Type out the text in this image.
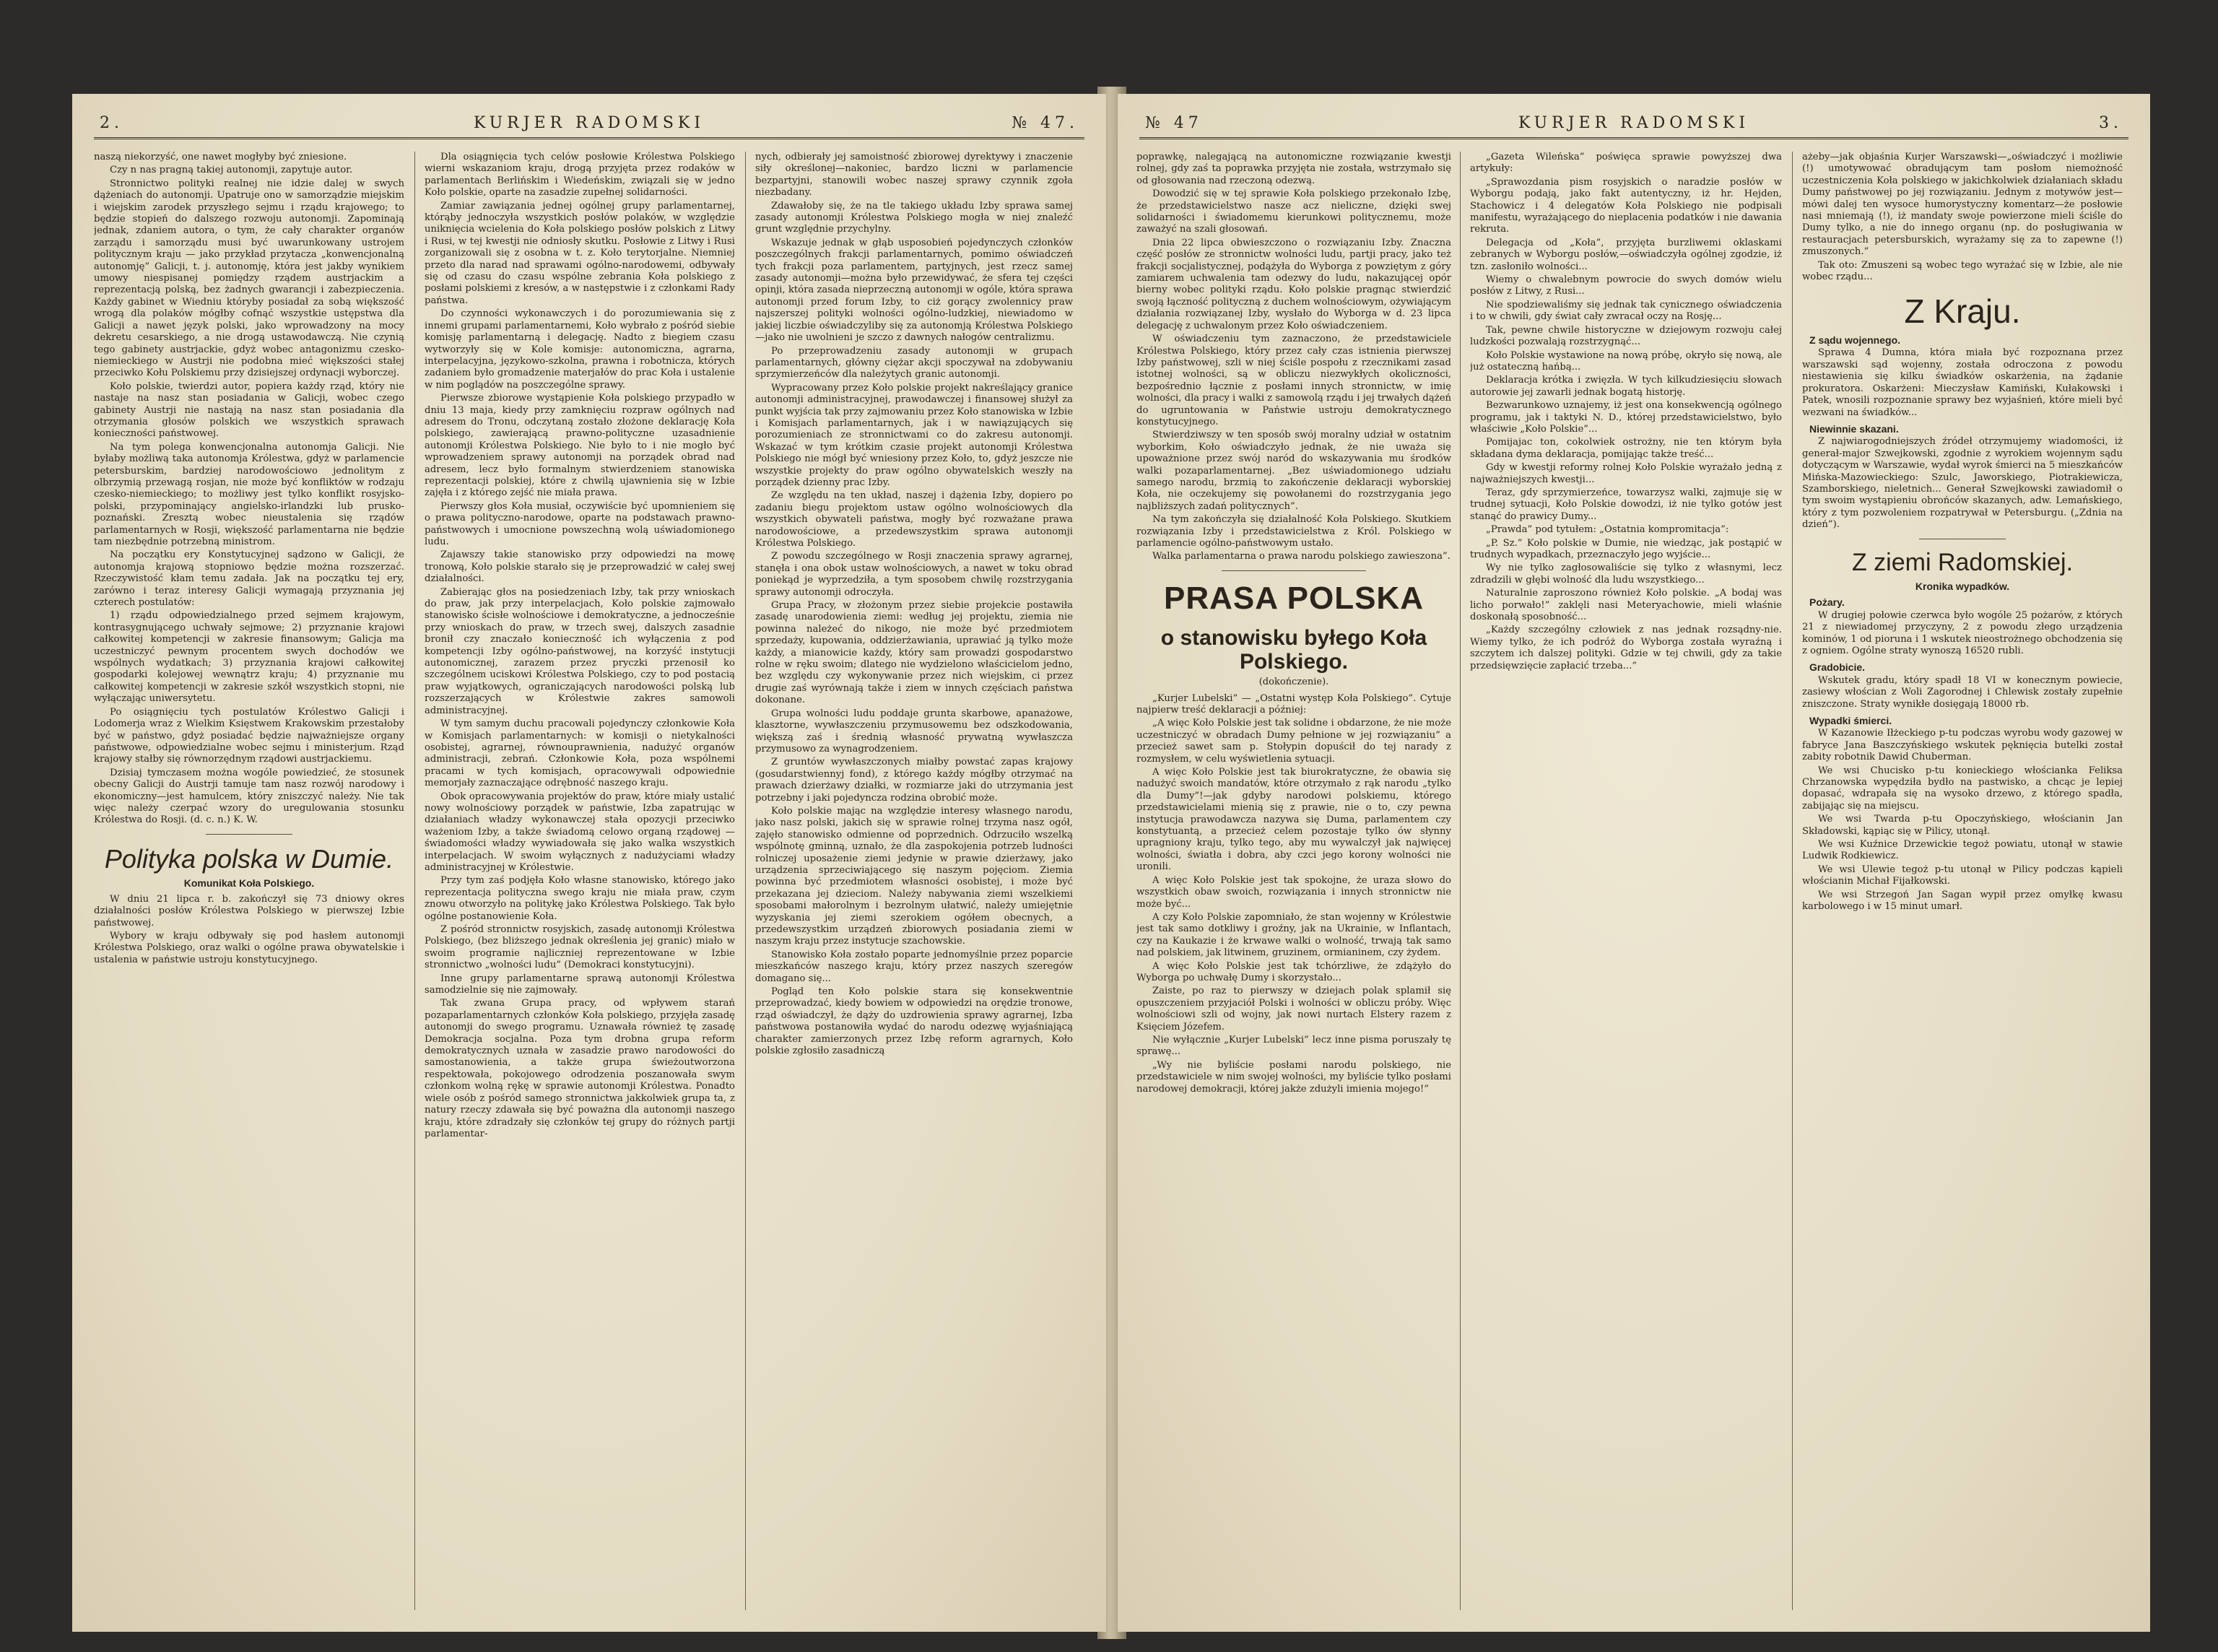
2.	KURJER RADOMSKI	№ 47.

naszą niekorzyść, one nawet mogłyby być zniesione.

Czy n nas pragną takiej autonomji, zapytuje autor.

Stronnictwo polityki realnej nie idzie dalej w swych dążeniach do autonomji. Upatruje ono w samorządzie miejskim i wiejskim zarodek przyszłego sejmu i rządu krajowego; to będzie stopień do dalszego rozwoju autonomji. Zapominają jednak, zdaniem autora, o tym, że cały charakter organów zarządu i samorządu musi być uwarunkowany ustrojem politycznym kraju — jako przykład przytacza „konwencjonalną autonomję” Galicji, t. j. autonomję, która jest jakby wynikiem umowy niespisanej pomiędzy rządem austrjackim a reprezentacją polską, bez żadnych gwarancji i zabezpieczenia. Każdy gabinet w Wiedniu któryby posiadał za sobą większość wrogą dla polaków mógłby cofnąć wszystkie ustępstwa dla Galicji a nawet język polski, jako wprowadzony na mocy dekretu cesarskiego, a nie drogą ustawodawczą. Nie czynią tego gabinety austrjackie, gdyż wobec antagonizmu czesko-niemieckiego w Austrji nie podobna mieć większości stałej przeciwko Kołu Polskiemu przy dzisiejszej ordynacji wyborczej.

Koło polskie, twierdzi autor, popiera każdy rząd, który nie nastaje na nasz stan posiadania w Galicji, wobec czego gabinety Austrji nie nastają na nasz stan posiadania dla otrzymania głosów polskich we wszystkich sprawach konieczności państwowej.

Na tym polega konwencjonalna autonomja Galicji. Nie byłaby możliwą taka autonomja Królestwa, gdyż w parlamencie petersburskim, bardziej narodowościowo jednolitym z olbrzymią przewagą rosjan, nie może być konfliktów w rodzaju czesko-niemieckiego; to możliwy jest tylko konflikt rosyjsko-polski, przypominający angielsko-irlandzki lub prusko-poznański. Zresztą wobec nieustalenia się rządów parlamentarnych w Rosji, większość parlamentarna nie będzie tam niezbędnie potrzebną ministrom.

Na początku ery Konstytucyjnej sądzono w Galicji, że autonomja krajową stopniowo będzie można rozszerzać. Rzeczywistość kłam temu zadała. Jak na początku tej ery, zarówno i teraz interesy Galicji wymagają przyznania jej czterech postulatów:

1) rządu odpowiedzialnego przed sejmem krajowym, kontrasygnującego uchwały sejmowe; 2) przyznanie krajowi całkowitej kompetencji w zakresie finansowym; Galicja ma uczestniczyć pewnym procentem swych dochodów we wspólnych wydatkach; 3) przyznania krajowi całkowitej gospodarki kolejowej wewnątrz kraju; 4) przyznanie mu całkowitej kompetencji w zakresie szkół wszystkich stopni, nie wyłączając uniwersytetu.

Po osiągnięciu tych postulatów Królestwo Galicji i Lodomerja wraz z Wielkim Księstwem Krakowskim przestałoby być w państwo, gdyż posiadać będzie najważniejsze organy państwowe, odpowiedzialne wobec sejmu i ministerjum. Rząd krajowy stałby się równorzędnym rządowi austrjackiemu.

Dzisiaj tymczasem można wogóle powiedzieć, że stosunek obecny Galicji do Austrji tamuje tam nasz rozwój narodowy i ekonomiczny—jest hamulcem, który zniszczyć należy. Nie tak więc należy czerpać wzory do uregulowania stosunku Królestwa do Rosji. (d. c. n.) K. W.

Polityka polska w Dumie.
Komunikat Koła Polskiego.

W dniu 21 lipca r. b. zakończył się 73 dniowy okres działalności posłów Królestwa Polskiego w pierwszej Izbie państwowej.

Wybory w kraju odbywały się pod hasłem autonomji Królestwa Polskiego, oraz walki o ogólne prawa obywatelskie i ustalenia w państwie ustroju konstytucyjnego.

Dla osiągnięcia tych celów posłowie Królestwa Polskiego wierni wskazaniom kraju, drogą przyjęta przez rodaków w parlamentach Berlińskim i Wiedeńskim, związali się w jedno Koło polskie, oparte na zasadzie zupełnej solidarności.

Zamiar zawiązania jednej ogólnej grupy parlamentarnej, którąby jednoczyła wszystkich posłów polaków, w względzie uniknięcia wcielenia do Koła polskiego posłów polskich z Litwy i Rusi, w tej kwestji nie odniosły skutku. Posłowie z Litwy i Rusi zorganizowali się z osobna w t. z. Koło terytorjalne. Niemniej przeto dla narad nad sprawami ogólno-narodowemi, odbywały się od czasu do czasu wspólne zebrania Koła polskiego z posłami polskiemi z kresów, a w następstwie i z członkami Rady państwa.

Do czynności wykonawczych i do porozumiewania się z innemi grupami parlamentarnemi, Koło wybrało z pośród siebie komisję parlamentarną i delegację. Nadto z biegiem czasu wytworzyły się w Kole komisje: autonomiczna, agrarna, interpelacyjna, językowo-szkolna, prawna i robotnicza, których zadaniem było gromadzenie materjałów do prac Koła i ustalenie w nim poglądów na poszczególne sprawy.

Pierwsze zbiorowe wystąpienie Koła polskiego przypadło w dniu 13 maja, kiedy przy zamknięciu rozpraw ogólnych nad adresem do Tronu, odczytaną zostało złożone deklarację Koła polskiego, zawierającą prawno-polityczne uzasadnienie autonomji Królestwa Polskiego. Nie było to i nie mogło być wprowadzeniem sprawy autonomji na porządek obrad nad adresem, lecz było formalnym stwierdzeniem stanowiska reprezentacji polskiej, które z chwilą ujawnienia się w Izbie zajęła i z którego zejść nie miała prawa.

Pierwszy głos Koła musiał, oczywiście być upomnieniem się o prawa polityczno-narodowe, oparte na podstawach prawno-państwowych i umocnione powszechną wolą uświadomionego ludu.

Zajawszy takie stanowisko przy odpowiedzi na mowę tronową, Koło polskie starało się je przeprowadzić w całej swej działalności.

Zabierając głos na posiedzeniach Izby, tak przy wnioskach do praw, jak przy interpelacjach, Koło polskie zajmowało stanowisko ścisłe wolnościowe i demokratyczne, a jednocześnie przy wnioskach do praw, w trzech swej, dalszych zasadnie bronił czy znaczało konieczność ich wyłączenia z pod kompetencji Izby ogólno-państwowej, na korzyść instytucji autonomicznej, zarazem przez pryczki przenosił ko szczególnem uciskowi Królestwa Polskiego, czy to pod postacią praw wyjątkowych, ograniczających narodowości polską lub rozszerzających w Królestwie zakres samowoli administracyjnej.

W tym samym duchu pracowali pojedynczy członkowie Koła w Komisjach parlamentarnych: w komisji o nietykalności osobistej, agrarnej, równouprawnienia, nadużyć organów administracji, zebrań. Członkowie Koła, poza wspólnemi pracami w tych komisjach, opracowywali odpowiednie memorjały zaznaczające odrębność naszego kraju.

Obok opracowywania projektów do praw, które miały ustalić nowy wolnościowy porządek w państwie, Izba zapatrując w działaniach władzy wykonawczej stała opozycji przeciwko ważeniom Izby, a także świadomą celowo organą rządowej — świadomości władzy wywiadowała się jako walka wszystkich interpelacjach. W swoim wyłącznych z nadużyciami władzy administracyjnej w Królestwie.

Przy tym zaś podjęła Koło własne stanowisko, którego jako reprezentacja polityczna swego kraju nie miała praw, czym znowu otworzyło na politykę jako Królestwa Polskiego. Tak było ogólne postanowienie Koła.

Z pośród stronnictw rosyjskich, zasadę autonomji Królestwa Polskiego, (bez bliższego jednak określenia jej granic) miało w swoim programie najliczniej reprezentowane w Izbie stronnictwo „wolności ludu” (Demokraci konstytucyjni).

Inne grupy parlamentarne sprawą autonomji Królestwa samodzielnie się nie zajmowały.

Tak zwana Grupa pracy, od wpływem starań pozaparlamentarnych członków Koła polskiego, przyjęła zasadę autonomji do swego programu. Uznawała również tę zasadę Demokracja socjalna. Poza tym drobna grupa reform demokratycznych uznała w zasadzie prawo narodowości do samostanowienia, a także grupa świeżoutworzona respektowała, pokojowego odrodzenia poszanowała swym członkom wolną rękę w sprawie autonomji Królestwa. Ponadto wiele osób z pośród samego stronnictwa jakkolwiek grupa ta, z natury rzeczy zdawała się być poważna dla autonomji naszego kraju, które zdradzały się członków tej grupy do różnych partji parlamentar-

nych, odbierały jej samoistność zbiorowej dyrektywy i znaczenie siły określonej—nakoniec, bardzo liczni w parlamencie bezpartyjni, stanowili wobec naszej sprawy czynnik zgoła niezbadany.

Zdawałoby się, że na tle takiego układu Izby sprawa samej zasady autonomji Królestwa Polskiego mogła w niej znaleźć grunt względnie przychylny.

Wskazuje jednak w głąb usposobień pojedynczych członków poszczególnych frakcji parlamentarnych, pomimo oświadczeń tych frakcji poza parlamentem, partyjnych, jest rzecz samej zasady autonomji—można było przewidywać, że sfera tej części opinji, która zasada nieprzeczną autonomji w ogóle, która sprawa autonomji przed forum Izby, to ciż gorący zwolennicy praw najszerszej polityki wolności ogólno-ludzkiej, niewiadomo w jakiej liczbie oświadczyliby się za autonomją Królestwa Polskiego—jako nie uwolnieni je szczo z dawnych nałogów centralizmu.

Po przeprowadzeniu zasady autonomji w grupach parlamentarnych, główny ciężar akcji spoczywał na zdobywaniu sprzymierzeńców dla należytych granic autonomji.

Wypracowany przez Koło polskie projekt nakreślający granice autonomji administracyjnej, prawodawczej i finansowej służył za punkt wyjścia tak przy zajmowaniu przez Koło stanowiska w Izbie i Komisjach parlamentarnych, jak i w nawiązujących się porozumieniach ze stronnictwami co do zakresu autonomji. Wskazać w tym krótkim czasie projekt autonomji Królestwa Polskiego nie mógł być wniesiony przez Koło, to, gdyż jeszcze nie wszystkie projekty do praw ogólno obywatelskich weszły na porządek dzienny prac Izby.

Ze względu na ten układ, naszej i dążenia Izby, dopiero po zadaniu biegu projektom ustaw ogólno wolnościowych dla wszystkich obywateli państwa, mogły być rozważane prawa narodowościowe, a przedewszystkim sprawa autonomji Królestwa Polskiego.

Z powodu szczególnego w Rosji znaczenia sprawy agrarnej, stanęła i ona obok ustaw wolnościowych, a nawet w toku obrad poniekąd je wyprzedziła, a tym sposobem chwilę rozstrzygania sprawy autonomji odroczyła.

Grupa Pracy, w złożonym przez siebie projekcie postawiła zasadę unarodowienia ziemi: według jej projektu, ziemia nie powinna należeć do nikogo, nie może być przedmiotem sprzedaży, kupowania, oddzierżawiania, uprawiać ją tylko może każdy, a mianowicie każdy, który sam prowadzi gospodarstwo rolne w ręku swoim; dlatego nie wydzielono właścicielom jedno, bez względu czy wykonywanie przez nich wiejskim, ci przez drugie zaś wyrównają także i ziem w innych częściach państwa dokonane.

Grupa wolności ludu poddaje grunta skarbowe, apanażowe, klasztorne, wywłaszczeniu przymusowemu bez odszkodowania, większą zaś i średnią własność prywatną wywłaszcza przymusowo za wynagrodzeniem.

Z gruntów wywłaszczonych miałby powstać zapas krajowy (gosudarstwiennyj fond), z którego każdy mógłby otrzymać na prawach dzierżawy działki, w rozmiarze jaki do utrzymania jest potrzebny i jaki pojedyncza rodzina obrobić może.

Koło polskie mając na względzie interesy własnego narodu, jako nasz polski, jakich się w sprawie rolnej trzyma nasz ogół, zajęło stanowisko odmienne od poprzednich. Odrzuciło wszelką wspólnotę gminną, uznało, że dla zaspokojenia potrzeb ludności rolniczej uposażenie ziemi jedynie w prawie dzierżawy, jako urządzenia sprzeciwiającego się naszym pojęciom. Ziemia powinna być przedmiotem własności osobistej, i może być przekazana jej dzieciom. Należy nabywania ziemi wszelkiemi sposobami małorolnym i bezrolnym ułatwić, należy umiejętnie wyzyskania jej ziemi szerokiem ogółem obecnych, a przedewszystkim urządzeń zbiorowych posiadania ziemi w naszym kraju przez instytucje szachowskie.

Stanowisko Koła zostało poparte jednomyślnie przez poparcie mieszkańców naszego kraju, który przez naszych szeregów domagano się...

Pogląd ten Koło polskie stara się konsekwentnie przeprowadzać, kiedy bowiem w odpowiedzi na orędzie tronowe, rząd oświadczył, że dąży do uzdrowienia sprawy agrarnej, Izba państwowa postanowiła wydać do narodu odezwę wyjaśniającą charakter zamierzonych przez Izbę reform agrarnych, Koło polskie zgłosiło zasadniczą

№ 47	KURJER RADOMSKI	3.

poprawkę, nalegającą na autonomiczne rozwiązanie kwestji rolnej, gdy zaś ta poprawka przyjęta nie została, wstrzymało się od głosowania nad rzeczoną odezwą.

Dowodzić się w tej sprawie Koła polskiego przekonało Izbę, że przedstawicielstwo nasze acz nieliczne, dzięki swej solidarności i świadomemu kierunkowi politycznemu, może zaważyć na szali głosowań.

Dnia 22 lipca obwieszczono o rozwiązaniu Izby. Znaczna część posłów ze stronnictw wolności ludu, partji pracy, jako też frakcji socjalistycznej, podążyła do Wyborga z powziętym z góry zamiarem uchwalenia tam odezwy do ludu, nakazującej opór bierny wobec polityki rządu. Koło polskie pragnąc stwierdzić swoją łączność polityczną z duchem wolnościowym, ożywiającym działania rozwiązanej Izby, wysłało do Wyborga w d. 23 lipca delegację z uchwalonym przez Koło oświadczeniem.

W oświadczeniu tym zaznaczono, że przedstawiciele Królestwa Polskiego, który przez cały czas istnienia pierwszej Izby państwowej, szli w niej ściśle pospołu z rzecznikami zasad istotnej wolności, są w obliczu niezwykłych okoliczności, bezpośrednio łącznie z posłami innych stronnictw, w imię wolności, dla pracy i walki z samowolą rządu i jej trwałych dążeń do ugruntowania w Państwie ustroju demokratycznego konstytucyjnego.

Stwierdziwszy w ten sposób swój moralny udział w ostatnim wyborkim, Koło oświadczyło jednak, że nie uważa się upoważnione przez swój naród do wskazywania mu środków walki pozaparlamentarnej. „Bez uświadomionego udziału samego narodu, brzmią to zakończenie deklaracji wyborskiej Koła, nie oczekujemy się powołanemi do rozstrzygania jego najbliższych zadań politycznych”.

Na tym zakończyła się działalność Koła Polskiego. Skutkiem rozwiązania Izby i przedstawicielstwa z Król. Polskiego w parlamencie ogólno-państwowym ustało.

Walka parlamentarna o prawa narodu polskiego zawieszona”.

PRASA POLSKA
o stanowisku byłego Koła Polskiego.
(dokończenie).

„Kurjer Lubelski” — „Ostatni występ Koła Polskiego”. Cytuje najpierw treść deklaracji a później:

„A więc Koło Polskie jest tak solidne i obdarzone, że nie może uczestniczyć w obradach Dumy pełnione w jej rozwiązaniu” a przecież sawet sam p. Stołypin dopuścił do tej narady z rozmysłem, w celu wyświetlenia sytuacji.

A więc Koło Polskie jest tak biurokratyczne, że obawia się nadużyć swoich mandatów, które otrzymało z rąk narodu „tylko dla Dumy”!—jak gdyby narodowi polskiemu, którego przedstawicielami mienią się z prawie, nie o to, czy pewna instytucja prawodawcza nazywa się Duma, parlamentem czy konstytuantą, a przecież celem pozostaje tylko ów słynny upragniony kraju, tylko tego, aby mu wywalczył jak najwięcej wolności, światła i dobra, aby czci jego korony wolności nie uronili.

A więc Koło Polskie jest tak spokojne, że uraza słowo do wszystkich obaw swoich, rozwiązania i innych stronnictw nie może być...

A czy Koło Polskie zapomniało, że stan wojenny w Królestwie jest tak samo dotkliwy i groźny, jak na Ukrainie, w Inflantach, czy na Kaukazie i że krwawe walki o wolność, trwają tak samo nad polskiem, jak litwinem, gruzinem, ormianinem, czy żydem.

A więc Koło Polskie jest tak tchórzliwe, że zdążyło do Wyborga po uchwałę Dumy i skorzystało...

Zaiste, po raz to pierwszy w dziejach polak splamił się opuszczeniem przyjaciół Polski i wolności w obliczu próby. Więc wolnościowi szli od wojny, jak nowi nurtach Elstery razem z Księciem Józefem.

Nie wyłącznie „Kurjer Lubelski” lecz inne pisma poruszały tę sprawę...

„Wy nie byliście posłami narodu polskiego, nie przedstawiciele w nim swojej wolności, my byliście tylko posłami narodowej demokracji, której jakże zdużyli imienia mojego!”

„Gazeta Wileńska” poświęca sprawie powyższej dwa artykuły:

„Sprawozdania pism rosyjskich o naradzie posłów w Wyborgu podają, jako fakt autentyczny, iż hr. Hejden, Stachowicz i 4 delegatów Koła Polskiego nie podpisali manifestu, wyrażającego do nieplacenia podatków i nie dawania rekruta.

Delegacja od „Koła”, przyjęta burzliwemi oklaskami zebranych w Wyborgu posłów,—oświadczyła ogólnej zgodzie, iż tzn. zasłoniło wolności...

Wiemy o chwalebnym powrocie do swych domów wielu posłów z Litwy, z Rusi...

Nie spodziewaliśmy się jednak tak cynicznego oświadczenia i to w chwili, gdy świat cały zwracał oczy na Rosję...

Tak, pewne chwile historyczne w dziejowym rozwoju całej ludzkości pozwalają rozstrzygnąć...

Koło Polskie wystawione na nową próbę, okryło się nową, ale już ostateczną hańbą...

Deklaracja krótka i zwięzła. W tych kilkudziesięciu słowach autorowie jej zawarli jednak bogatą historję.

Bezwarunkowo uznajemy, iż jest ona konsekwencją ogólnego programu, jak i taktyki N. D., której przedstawicielstwo, było właściwie „Koło Polskie”...

Pomijajac ton, cokolwiek ostrożny, nie ten którym była składana dyma deklaracja, pomijając także treść...

Gdy w kwestji reformy rolnej Koło Polskie wyrażało jedną z najważniejszych kwestji...

Teraz, gdy sprzymierzeńce, towarzysz walki, zajmuje się w trudnej sytuacji, Koło Polskie dowodzi, iż nie tylko gotów jest stanąć do prawicy Dumy...

„Prawda” pod tytułem: „Ostatnia kompromitacja”:

„P. Sz.” Koło polskie w Dumie, nie wiedząc, jak postąpić w trudnych wypadkach, przeznaczyło jego wyjście...

Wy nie tylko zagłosowaliście się tylko z własnymi, lecz zdradzili w głębi wolność dla ludu wszystkiego...

Naturalnie zaproszono również Koło polskie. „A bodaj was licho porwało!” zaklęli nasi Meteryachowie, mieli właśnie doskonałą sposobność...

„Każdy szczególny człowiek z nas jednak rozsądny-nie. Wiemy tylko, że ich podróż do Wyborga została wyraźną i szczytem ich dalszej polityki. Gdzie w tej chwili, gdy za takie przedsięwzięcie zapłacić trzeba...”

ażeby—jak objaśnia Kurjer Warszawski—„oświadczyć i możliwie (!) umotywować obradującym tam posłom niemożność uczestniczenia Koła polskiego w jakichkolwiek działaniach składu Dumy państwowej po jej rozwiązaniu. Jednym z motywów jest—mówi dalej ten wysoce humorystyczny komentarz—że posłowie nasi mniemają (!), iż mandaty swoje powierzone mieli ściśle do Dumy tylko, a nie do innego organu (np. do posługiwania w restauracjach petersburskich, wyrażamy się za to zapewne (!) zmuszonych.”

Tak oto: Zmuszeni są wobec tego wyrażać się w Izbie, ale nie wobec rządu...

Z Kraju.
Z sądu wojennego.

Sprawa 4 Dumna, która miała być rozpoznana przez warszawski sąd wojenny, została odroczona z powodu niestawienia się kilku świadków oskarżenia, na żądanie prokuratora. Oskarżeni: Mieczysław Kamiński, Kułakowski i Patek, wnosili rozpoznanie sprawy bez wyjaśnień, które mieli być wezwani na świadków...

Niewinnie skazani.

Z najwiarogodniejszych źródeł otrzymujemy wiadomości, iż generał-major Szwejkowski, zgodnie z wyrokiem wojennym sądu dotyczącym w Warszawie, wydał wyrok śmierci na 5 mieszkańców Mińska-Mazowieckiego: Szulc, Jaworskiego, Piotrakiewicza, Szamborskiego, nieletnich... Generał Szwejkowski zawiadomił o tym swoim wystąpieniu obrońców skazanych, adw. Lemańskiego, który z tym pozwoleniem rozpatrywał w Petersburgu. („Zdnia na dzień”).

Z ziemi Radomskiej.
Kronika wypadków.
Pożary.

W drugiej połowie czerwca było wogóle 25 pożarów, z których 21 z niewiadomej przyczyny, 2 z powodu złego urządzenia kominów, 1 od pioruna i 1 wskutek nieostrożnego obchodzenia się z ogniem. Ogólne straty wynoszą 16520 rubli.

Gradobicie.

Wskutek gradu, który spadł 18 VI w konecznym powiecie, zasiewy włościan z Woli Zagorodnej i Chlewisk zostały zupełnie zniszczone. Straty wynikłe dosięgają 18000 rb.

Wypadki śmierci.

W Kazanowie Iłżeckiego p-tu podczas wyrobu wody gazowej w fabryce Jana Baszczyńskiego wskutek pęknięcia butelki został zabity robotnik Dawid Chuberman.

We wsi Chucisko p-tu konieckiego włościanka Feliksa Chrzanowska wypędziła bydło na pastwisko, a chcąc je lepiej dopasać, wdrapała się na wysoko drzewo, z którego spadła, zabijając się na miejscu.

We wsi Twarda p-tu Opoczyńskiego, włościanin Jan Składowski, kąpiąc się w Pilicy, utonął.

We wsi Kuźnice Drzewickie tegoż powiatu, utonął w stawie Ludwik Rodkiewicz.

We wsi Ulewie tegoż p-tu utonął w Pilicy podczas kąpieli włościanin Michał Fijałkowski.

We wsi Strzegoń Jan Sagan wypił przez omyłkę kwasu karbolowego i w 15 minut umarł.
